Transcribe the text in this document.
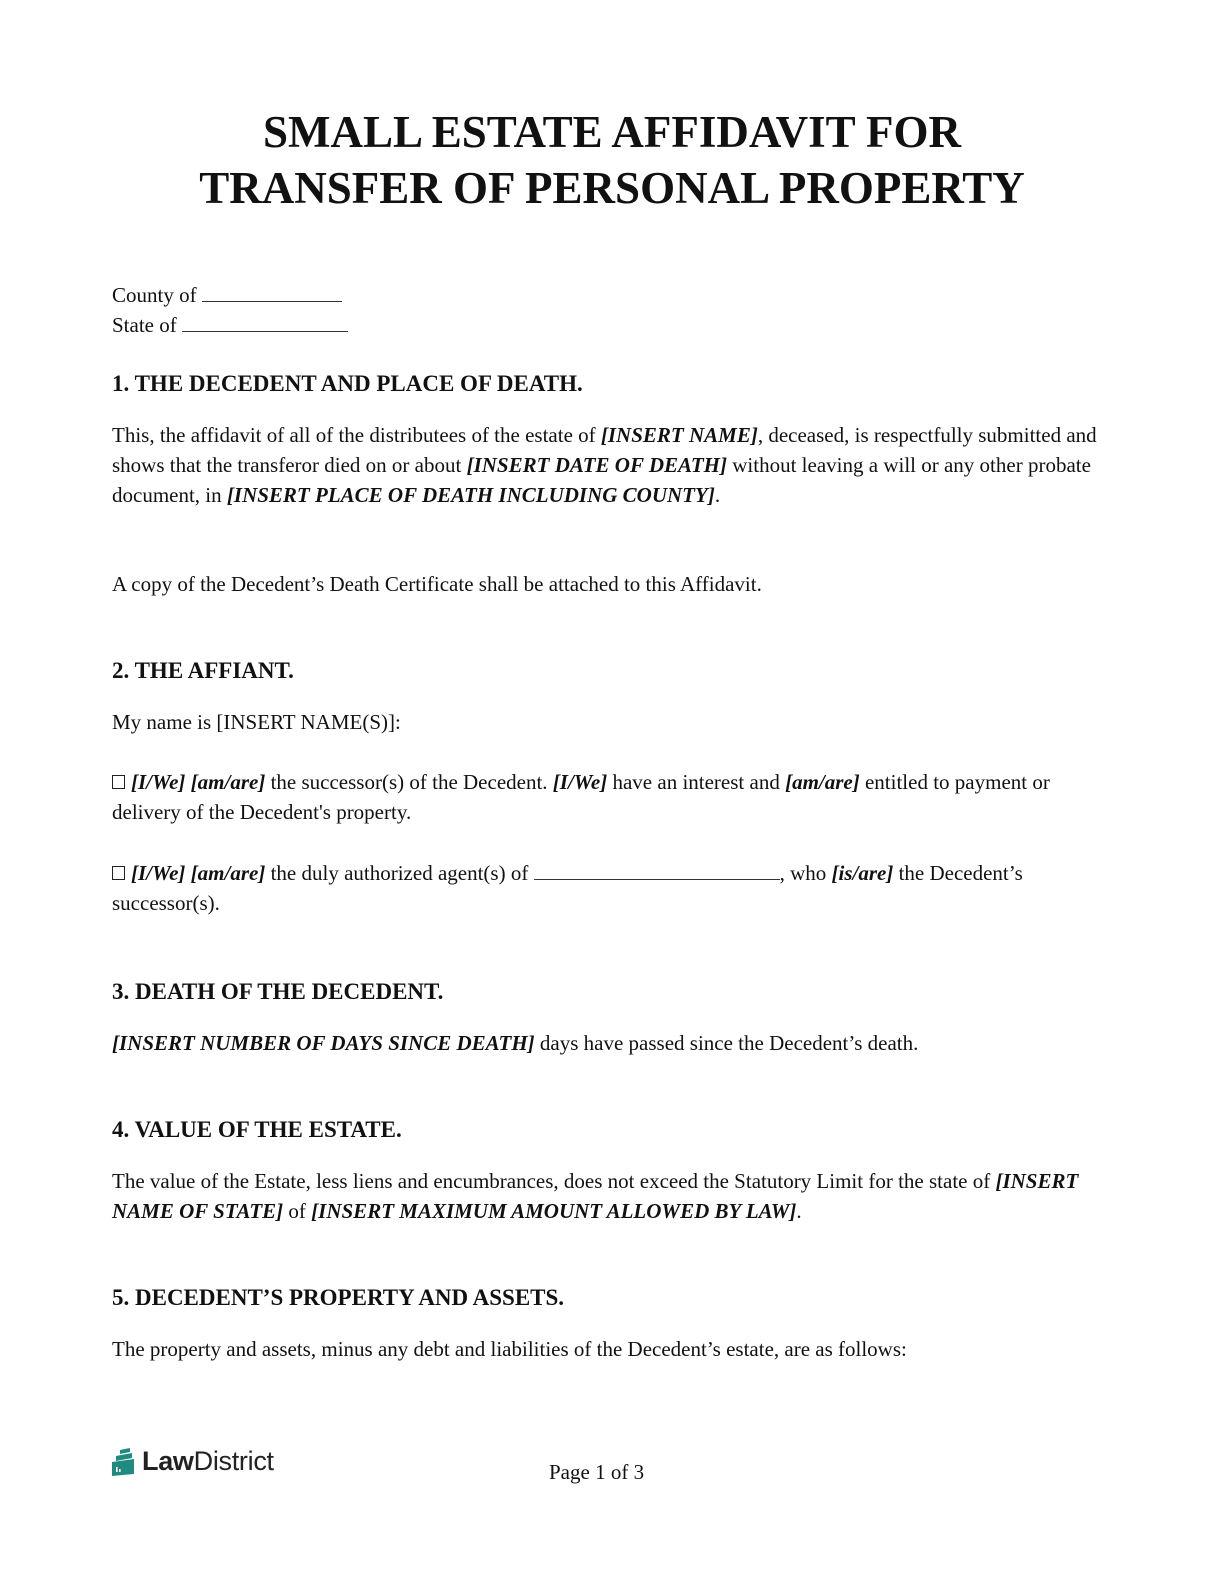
SMALL ESTATE AFFIDAVIT FOR
TRANSFER OF PERSONAL PROPERTY
County of
State of
1. THE DECEDENT AND PLACE OF DEATH.
This, the affidavit of all of the distributees of the estate of [INSERT NAME], deceased, is respectfully submitted and shows that the transferor died on or about [INSERT DATE OF DEATH] without leaving a will or any other probate document, in [INSERT PLACE OF DEATH INCLUDING COUNTY].
A copy of the Decedent’s Death Certificate shall be attached to this Affidavit.
2. THE AFFIANT.
My name is [INSERT NAME(S)]:
[I/We] [am/are] the successor(s) of the Decedent. [I/We] have an interest and [am/are] entitled to payment or delivery of the Decedent's property.
[I/We] [am/are] the duly authorized agent(s) of	, who [is/are] the Decedent’s successor(s).
3. DEATH OF THE DECEDENT.
[INSERT NUMBER OF DAYS SINCE DEATH] days have passed since the Decedent’s death.
4. VALUE OF THE ESTATE.
The value of the Estate, less liens and encumbrances, does not exceed the Statutory Limit for the state of [INSERT NAME OF STATE] of [INSERT MAXIMUM AMOUNT ALLOWED BY LAW].
5. DECEDENT’S PROPERTY AND ASSETS.
The property and assets, minus any debt and liabilities of the Decedent’s estate, are as follows:
LawDistrict	Page 1 of 3
